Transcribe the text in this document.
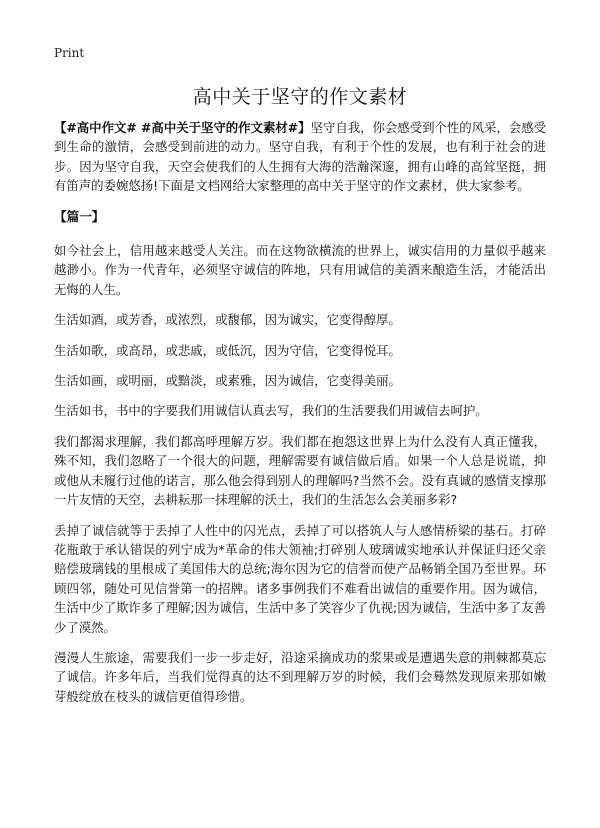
Print
高中关于坚守的作文素材

【#高中作文# #高中关于坚守的作文素材#】坚守自我，你会感受到个性的风采，会感受到生命的激情，会感受到前进的动力。坚守自我，有利于个性的发展，也有利于社会的进步。因为坚守自我，天空会使我们的人生拥有大海的浩瀚深邃，拥有山峰的高耸坚挺，拥有笛声的委婉悠扬!下面是文档网给大家整理的高中关于坚守的作文素材，供大家参考。

【篇一】

如今社会上，信用越来越受人关注。而在这物欲横流的世界上，诚实信用的力量似乎越来越渺小。作为一代青年，必须坚守诚信的阵地，只有用诚信的美酒来酿造生活，才能活出无悔的人生。

生活如酒，或芳香，或浓烈，或馥郁，因为诚实，它变得醇厚。

生活如歌，或高昂，或悲戚，或低沉，因为守信，它变得悦耳。

生活如画，或明丽，或黯淡，或素雅，因为诚信，它变得美丽。

生活如书，书中的字要我们用诚信认真去写，我们的生活要我们用诚信去呵护。

我们都渴求理解，我们都高呼理解万岁。我们都在抱怨这世界上为什么没有人真正懂我，殊不知，我们忽略了一个很大的问题，理解需要有诚信做后盾。如果一个人总是说谎，抑或他从未履行过他的诺言，那么他会得到别人的理解吗?当然不会。没有真诚的感情支撑那一片友情的天空，去耕耘那一抹理解的沃土，我们的生活怎么会美丽多彩?

丢掉了诚信就等于丢掉了人性中的闪光点，丢掉了可以搭筑人与人感情桥梁的基石。打碎花瓶敢于承认错误的列宁成为*革命的伟大领袖;打碎别人玻璃诚实地承认并保证归还父亲赔偿玻璃钱的里根成了美国伟大的总统;海尔因为它的信誉而使产品畅销全国乃至世界。环顾四邻，随处可见信誉第一的招牌。诸多事例我们不难看出诚信的重要作用。因为诚信，生活中少了欺诈多了理解;因为诚信，生活中多了笑容少了仇视;因为诚信，生活中多了友善少了漠然。

漫漫人生旅途，需要我们一步一步走好，沿途采摘成功的浆果或是遭遇失意的荆棘都莫忘了诚信。许多年后，当我们觉得真的达不到理解万岁的时候，我们会蓦然发现原来那如嫩芽般绽放在枝头的诚信更值得珍惜。
